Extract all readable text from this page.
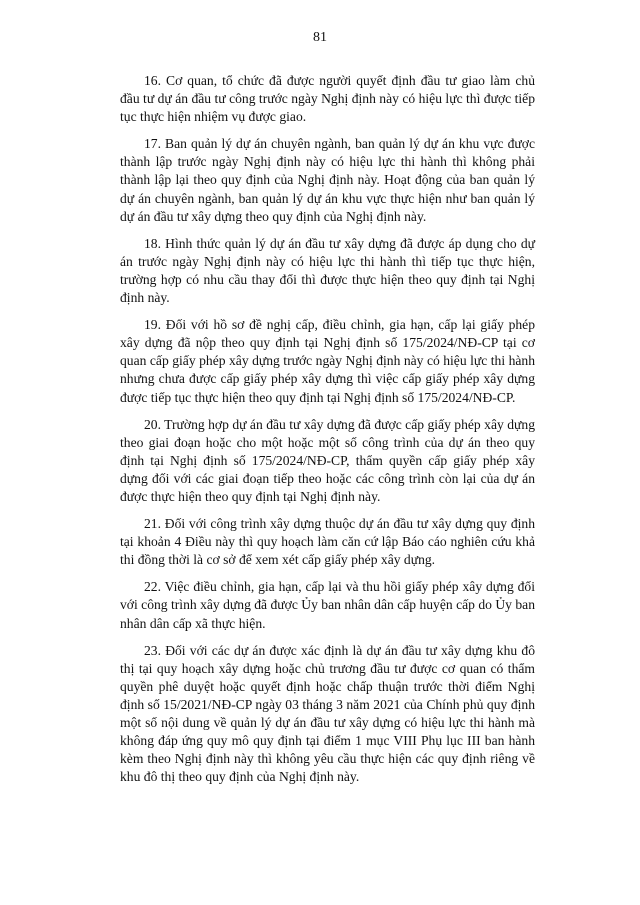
81

16. Cơ quan, tổ chức đã được người quyết định đầu tư giao làm chủ đầu tư dự án đầu tư công trước ngày Nghị định này có hiệu lực thì được tiếp tục thực hiện nhiệm vụ được giao.

17. Ban quản lý dự án chuyên ngành, ban quản lý dự án khu vực được thành lập trước ngày Nghị định này có hiệu lực thi hành thì không phải thành lập lại theo quy định của Nghị định này. Hoạt động của ban quản lý dự án chuyên ngành, ban quản lý dự án khu vực thực hiện như ban quản lý dự án đầu tư xây dựng theo quy định của Nghị định này.

18. Hình thức quản lý dự án đầu tư xây dựng đã được áp dụng cho dự án trước ngày Nghị định này có hiệu lực thi hành thì tiếp tục thực hiện, trường hợp có nhu cầu thay đổi thì được thực hiện theo quy định tại Nghị định này.

19. Đối với hồ sơ đề nghị cấp, điều chỉnh, gia hạn, cấp lại giấy phép xây dựng đã nộp theo quy định tại Nghị định số 175/2024/NĐ-CP tại cơ quan cấp giấy phép xây dựng trước ngày Nghị định này có hiệu lực thi hành nhưng chưa được cấp giấy phép xây dựng thì việc cấp giấy phép xây dựng được tiếp tục thực hiện theo quy định tại Nghị định số 175/2024/NĐ-CP.

20. Trường hợp dự án đầu tư xây dựng đã được cấp giấy phép xây dựng theo giai đoạn hoặc cho một hoặc một số công trình của dự án theo quy định tại Nghị định số 175/2024/NĐ-CP, thẩm quyền cấp giấy phép xây dựng đối với các giai đoạn tiếp theo hoặc các công trình còn lại của dự án được thực hiện theo quy định tại Nghị định này.

21. Đối với công trình xây dựng thuộc dự án đầu tư xây dựng quy định tại khoản 4 Điều này thì quy hoạch làm căn cứ lập Báo cáo nghiên cứu khả thi đồng thời là cơ sở để xem xét cấp giấy phép xây dựng.

22. Việc điều chỉnh, gia hạn, cấp lại và thu hồi giấy phép xây dựng đối với công trình xây dựng đã được Ủy ban nhân dân cấp huyện cấp do Ủy ban nhân dân cấp xã thực hiện.

23. Đối với các dự án được xác định là dự án đầu tư xây dựng khu đô thị tại quy hoạch xây dựng hoặc chủ trương đầu tư được cơ quan có thẩm quyền phê duyệt hoặc quyết định hoặc chấp thuận trước thời điểm Nghị định số 15/2021/NĐ-CP ngày 03 tháng 3 năm 2021 của Chính phủ quy định một số nội dung về quản lý dự án đầu tư xây dựng có hiệu lực thi hành mà không đáp ứng quy mô quy định tại điểm 1 mục VIII Phụ lục III ban hành kèm theo Nghị định này thì không yêu cầu thực hiện các quy định riêng về khu đô thị theo quy định của Nghị định này.
